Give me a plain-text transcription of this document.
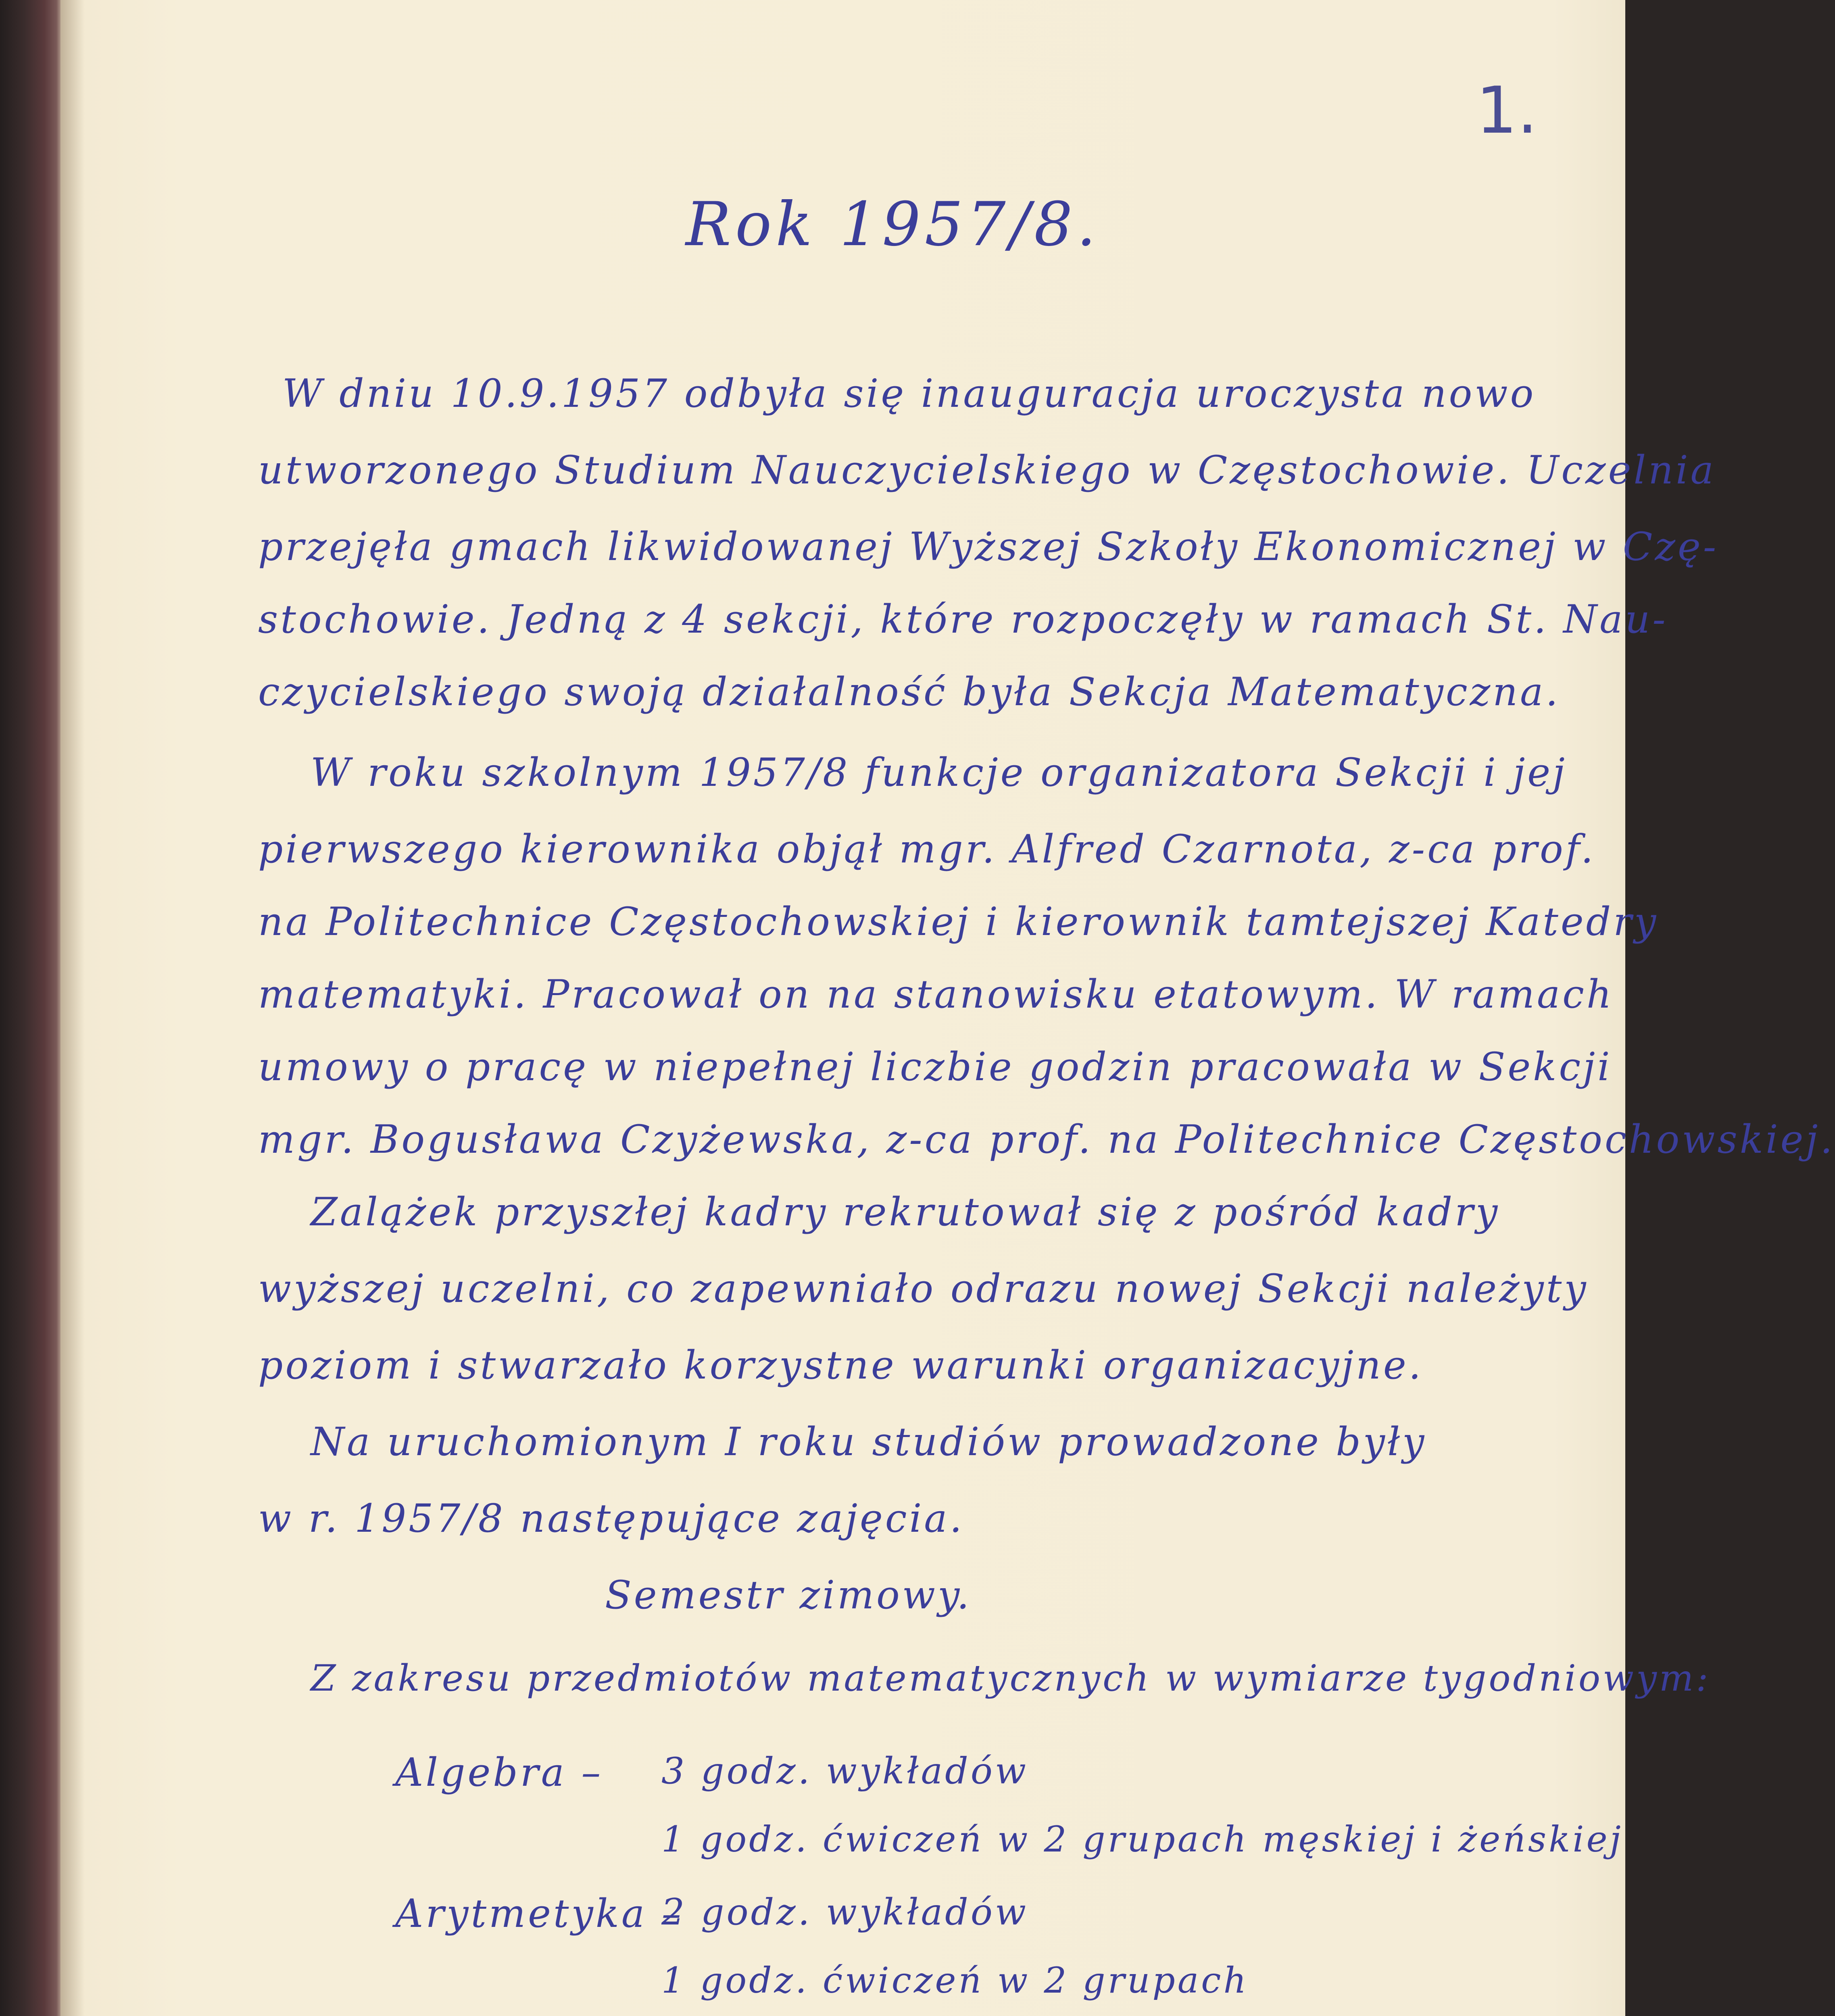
1.
Rok 1957/8.
W dniu 10.9.1957 odbyła się inauguracja uroczysta nowo
utworzonego Studium Nauczycielskiego w Częstochowie. Uczelnia
przejęła gmach likwidowanej Wyższej Szkoły Ekonomicznej w Czę-
stochowie. Jedną z 4 sekcji, które rozpoczęły w ramach St. Nau-
czycielskiego swoją działalność była Sekcja Matematyczna.
W roku szkolnym 1957/8 funkcje organizatora Sekcji i jej
pierwszego kierownika objął mgr. Alfred Czarnota, z-ca prof.
na Politechnice Częstochowskiej i kierownik tamtejszej Katedry
matematyki. Pracował on na stanowisku etatowym. W ramach
umowy o pracę w niepełnej liczbie godzin pracowała w Sekcji
mgr. Bogusława Czyżewska, z-ca prof. na Politechnice Częstochowskiej.
Zalążek przyszłej kadry rekrutował się z pośród kadry
wyższej uczelni, co zapewniało odrazu nowej Sekcji należyty
poziom i stwarzało korzystne warunki organizacyjne.
Na uruchomionym I roku studiów prowadzone były
w r. 1957/8 następujące zajęcia.
Semestr zimowy.
Z zakresu przedmiotów matematycznych w wymiarze tygodniowym:
Algebra – 3 godz. wykładów
1 godz. ćwiczeń w 2 grupach męskiej i żeńskiej
Arytmetyka –
2 godz. wykładów
1 godz. ćwiczeń w 2 grupach
